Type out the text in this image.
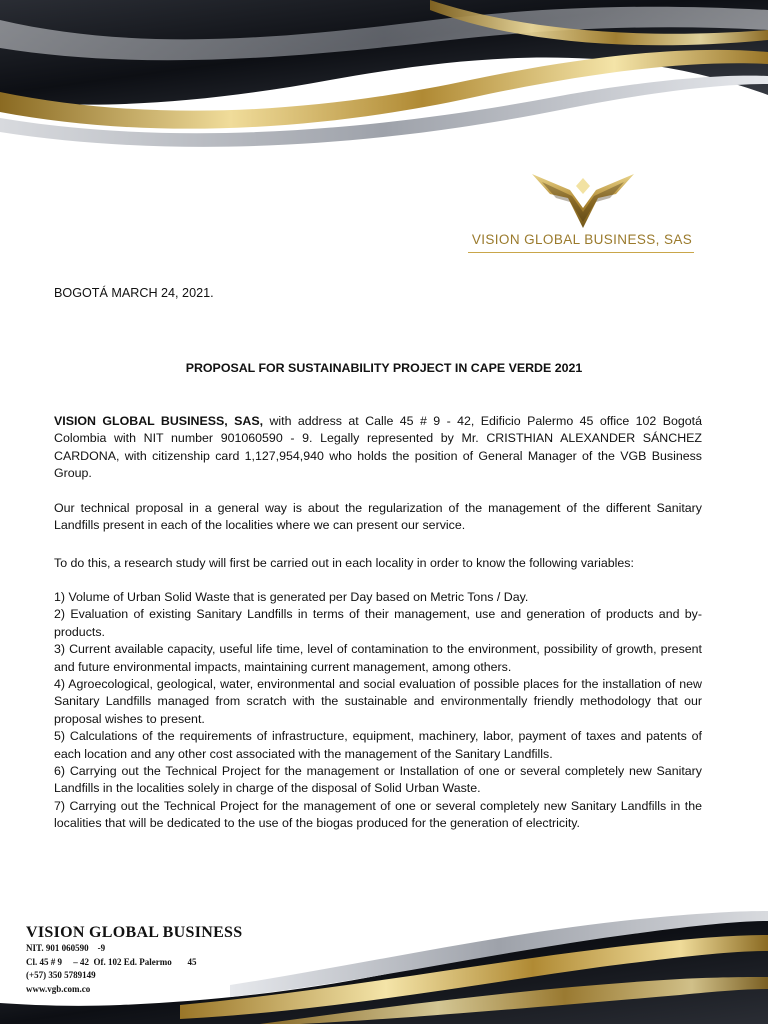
VISION GLOBAL BUSINESS, SAS
BOGOTÁ MARCH 24, 2021.
PROPOSAL FOR SUSTAINABILITY PROJECT IN CAPE VERDE 2021

VISION GLOBAL BUSINESS, SAS, with address at Calle 45 # 9 - 42, Edificio Palermo 45 office 102 Bogotá Colombia with NIT number 901060590 - 9. Legally represented by Mr. CRISTHIAN ALEXANDER SÁNCHEZ CARDONA, with citizenship card 1,127,954,940 who holds the position of General Manager of the VGB Business Group.

Our technical proposal in a general way is about the regularization of the management of the different Sanitary Landfills present in each of the localities where we can present our service.

To do this, a research study will first be carried out in each locality in order to know the following variables:

1) Volume of Urban Solid Waste that is generated per Day based on Metric Tons / Day.

2) Evaluation of existing Sanitary Landfills in terms of their management, use and generation of products and by-products.

3) Current available capacity, useful life time, level of contamination to the environment, possibility of growth, present and future environmental impacts, maintaining current management, among others.

4) Agroecological, geological, water, environmental and social evaluation of possible places for the installation of new Sanitary Landfills managed from scratch with the sustainable and environmentally friendly methodology that our proposal wishes to present.

5) Calculations of the requirements of infrastructure, equipment, machinery, labor, payment of taxes and patents of each location and any other cost associated with the management of the Sanitary Landfills.

6) Carrying out the Technical Project for the management or Installation of one or several completely new Sanitary Landfills in the localities solely in charge of the disposal of Solid Urban Waste.

7) Carrying out the Technical Project for the management of one or several completely new Sanitary Landfills in the localities that will be dedicated to the use of the biogas produced for the generation of electricity.

VISION GLOBAL BUSINESS
NIT. 901 060590    -9
Cl. 45 # 9     – 42  Of. 102 Ed. Palermo       45
(+57) 350 5789149
www.vgb.com.co
